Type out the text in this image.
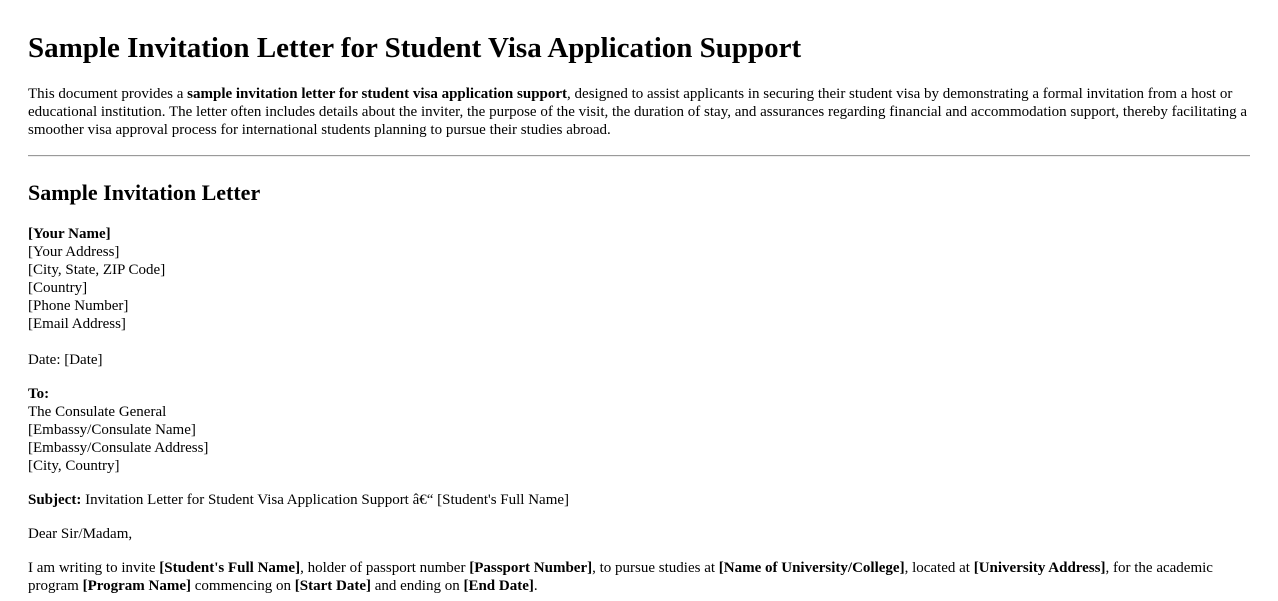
Sample Invitation Letter for Student Visa Application Support

This document provides a sample invitation letter for student visa application support, designed to assist applicants in securing their student visa by demonstrating a formal invitation from a host or educational institution. The letter often includes details about the inviter, the purpose of the visit, the duration of stay, and assurances regarding financial and accommodation support, thereby facilitating a smoother visa approval process for international students planning to pursue their studies abroad.

Sample Invitation Letter
[Your Name]
[Your Address]
[City, State, ZIP Code]
[Country]
[Phone Number]
[Email Address]

Date: [Date]

To:
The Consulate General
[Embassy/Consulate Name]
[Embassy/Consulate Address]
[City, Country]

Subject: Invitation Letter for Student Visa Application Support â€“ [Student's Full Name]

Dear Sir/Madam,

I am writing to invite [Student's Full Name], holder of passport number [Passport Number], to pursue studies at [Name of University/College], located at [University Address], for the academic program [Program Name] commencing on [Start Date] and ending on [End Date].
